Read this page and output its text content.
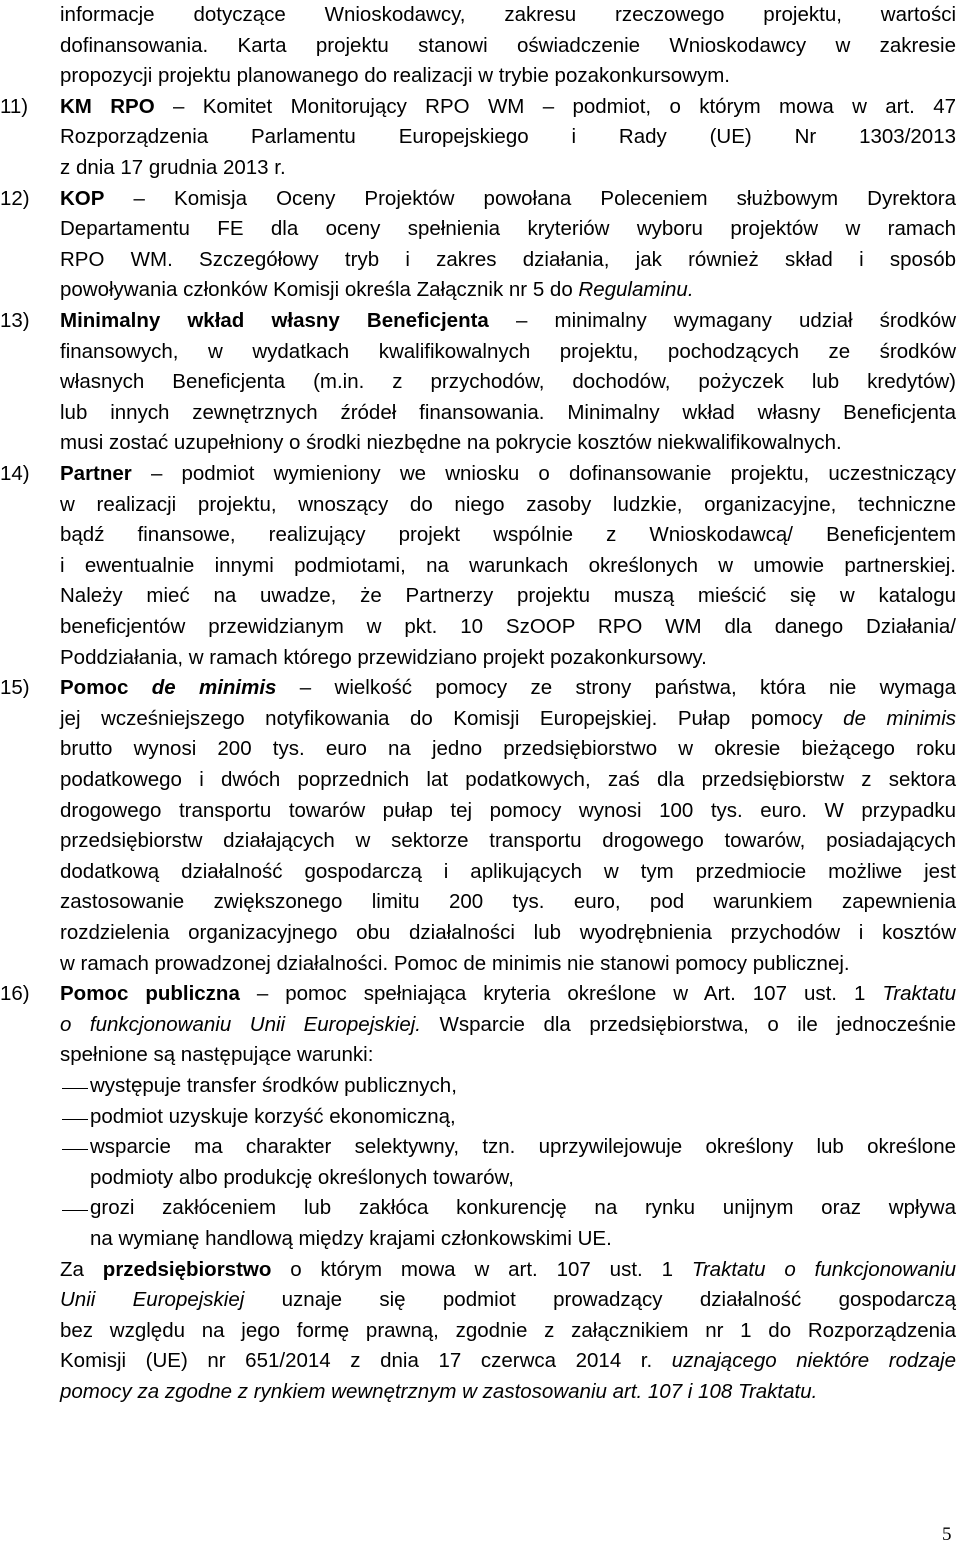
5
informacje dotyczące Wnioskodawcy, zakresu rzeczowego projektu, wartości
dofinansowania. Karta projektu stanowi oświadczenie Wnioskodawcy w zakresie
propozycji projektu planowanego do realizacji w trybie pozakonkursowym.
11)	KM RPO – Komitet Monitorujący RPO WM – podmiot, o którym mowa w art. 47
Rozporządzenia Parlamentu Europejskiego i Rady (UE) Nr 1303/2013
z dnia 17 grudnia 2013 r.
12)	KOP – Komisja Oceny Projektów powołana Poleceniem służbowym Dyrektora
Departamentu FE dla oceny spełnienia kryteriów wyboru projektów w ramach
RPO WM. Szczegółowy tryb i zakres działania, jak również skład i sposób
powoływania członków Komisji określa Załącznik nr 5 do Regulaminu.
13)	Minimalny wkład własny Beneficjenta – minimalny wymagany udział środków
finansowych, w wydatkach kwalifikowalnych projektu, pochodzących ze środków
własnych Beneficjenta (m.in. z przychodów, dochodów, pożyczek lub kredytów)
lub innych zewnętrznych źródeł finansowania. Minimalny wkład własny Beneficjenta
musi zostać uzupełniony o środki niezbędne na pokrycie kosztów niekwalifikowalnych.
14)	Partner – podmiot wymieniony we wniosku o dofinansowanie projektu, uczestniczący
w realizacji projektu, wnoszący do niego zasoby ludzkie, organizacyjne, techniczne
bądź finansowe, realizujący projekt wspólnie z Wnioskodawcą/ Beneficjentem
i ewentualnie innymi podmiotami, na warunkach określonych w umowie partnerskiej.
Należy mieć na uwadze, że Partnerzy projektu muszą mieścić się w katalogu
beneficjentów przewidzianym w pkt. 10 SzOOP RPO WM dla danego Działania/
Poddziałania, w ramach którego przewidziano projekt pozakonkursowy.
15)	Pomoc de minimis – wielkość pomocy ze strony państwa, która nie wymaga
jej wcześniejszego notyfikowania do Komisji Europejskiej. Pułap pomocy de minimis
brutto wynosi 200 tys. euro na jedno przedsiębiorstwo w okresie bieżącego roku
podatkowego i dwóch poprzednich lat podatkowych, zaś dla przedsiębiorstw z sektora
drogowego transportu towarów pułap tej pomocy wynosi 100 tys. euro. W przypadku
przedsiębiorstw działających w sektorze transportu drogowego towarów, posiadających
dodatkową działalność gospodarczą i aplikujących w tym przedmiocie możliwe jest
zastosowanie zwiększonego limitu 200 tys. euro, pod warunkiem zapewnienia
rozdzielenia organizacyjnego obu działalności lub wyodrębnienia przychodów i kosztów
w ramach prowadzonej działalności. Pomoc de minimis nie stanowi pomocy publicznej.
16)	Pomoc publiczna – pomoc spełniająca kryteria określone w Art. 107 ust. 1 Traktatu
o funkcjonowaniu Unii Europejskiej. Wsparcie dla przedsiębiorstwa, o ile jednocześnie
spełnione są następujące warunki:
występuje transfer środków publicznych,
podmiot uzyskuje korzyść ekonomiczną,
wsparcie ma charakter selektywny, tzn. uprzywilejowuje określony lub określone
podmioty albo produkcję określonych towarów,
grozi zakłóceniem lub zakłóca konkurencję na rynku unijnym oraz wpływa
na wymianę handlową między krajami członkowskimi UE.
Za przedsiębiorstwo o którym mowa w art. 107 ust. 1 Traktatu o funkcjonowaniu
Unii Europejskiej uznaje się podmiot prowadzący działalność gospodarczą
bez względu na jego formę prawną, zgodnie z załącznikiem nr 1 do Rozporządzenia
Komisji (UE) nr 651/2014 z dnia 17 czerwca 2014 r. uznającego niektóre rodzaje
pomocy za zgodne z rynkiem wewnętrznym w zastosowaniu art. 107 i 108 Traktatu.
